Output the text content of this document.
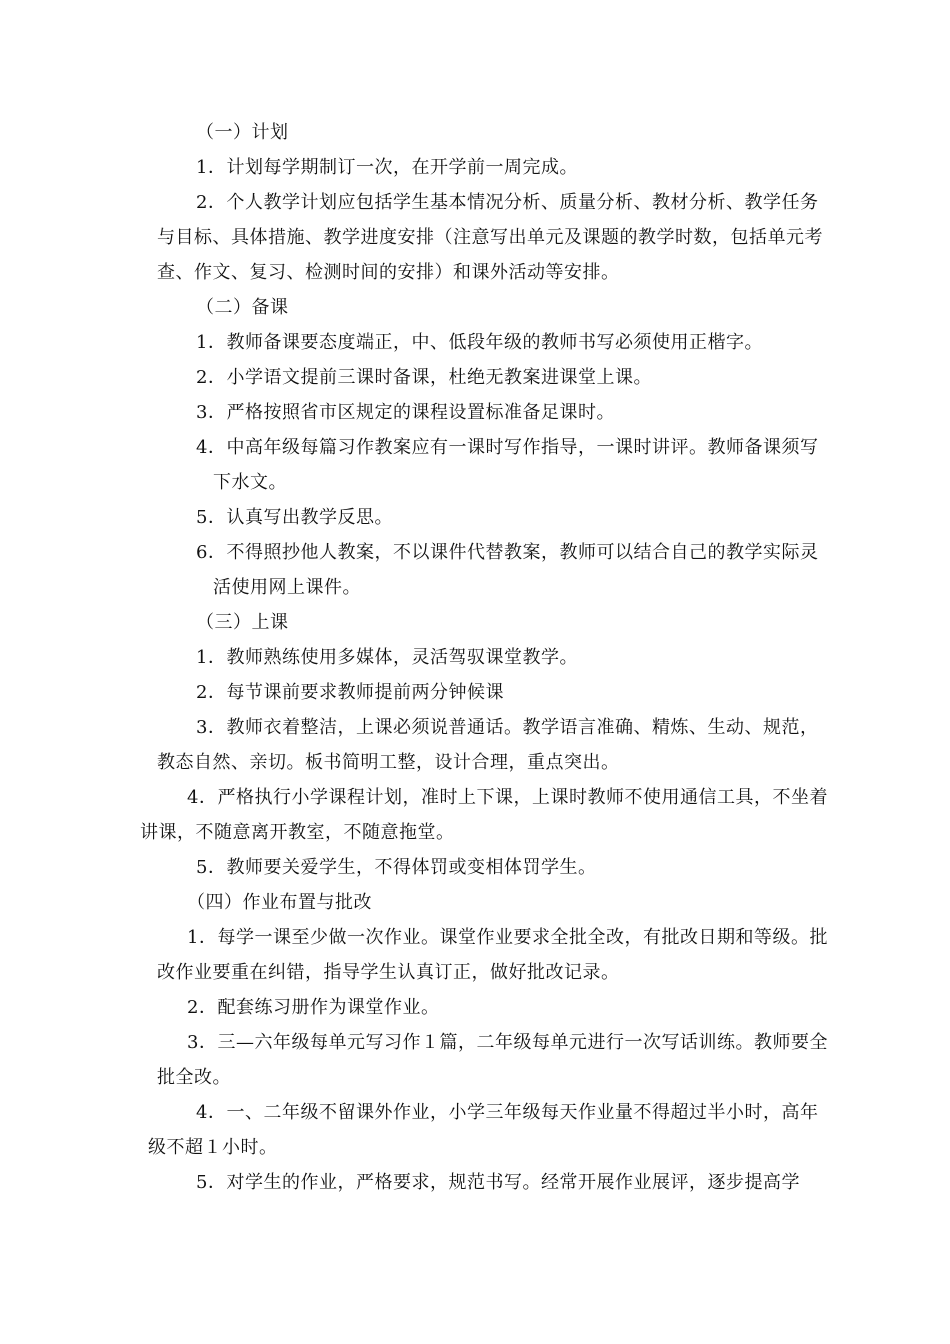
（一）计划
1．计划每学期制订一次，在开学前一周完成。
2．个人教学计划应包括学生基本情况分析、质量分析、教材分析、教学任务
与目标、具体措施、教学进度安排（注意写出单元及课题的教学时数，包括单元考
查、作文、复习、检测时间的安排）和课外活动等安排。
（二）备课
1．教师备课要态度端正，中、低段年级的教师书写必须使用正楷字。
2．小学语文提前三课时备课，杜绝无教案进课堂上课。
3．严格按照省市区规定的课程设置标准备足课时。
4．中高年级每篇习作教案应有一课时写作指导，一课时讲评。教师备课须写
下水文。
5．认真写出教学反思。
6．不得照抄他人教案，不以课件代替教案，教师可以结合自己的教学实际灵
活使用网上课件。
（三）上课
1．教师熟练使用多媒体，灵活驾驭课堂教学。
2．每节课前要求教师提前两分钟候课
3．教师衣着整洁，上课必须说普通话。教学语言准确、精炼、生动、规范，
教态自然、亲切。板书简明工整，设计合理，重点突出。
4．严格执行小学课程计划，准时上下课，上课时教师不使用通信工具，不坐着
讲课，不随意离开教室，不随意拖堂。
5．教师要关爱学生，不得体罚或变相体罚学生。
（四）作业布置与批改
1．每学一课至少做一次作业。课堂作业要求全批全改，有批改日期和等级。批
改作业要重在纠错，指导学生认真订正，做好批改记录。
2．配套练习册作为课堂作业。
3．三—六年级每单元写习作１篇，二年级每单元进行一次写话训练。教师要全
批全改。
4．一、二年级不留课外作业，小学三年级每天作业量不得超过半小时，高年
级不超１小时。
5．对学生的作业，严格要求，规范书写。经常开展作业展评，逐步提高学
